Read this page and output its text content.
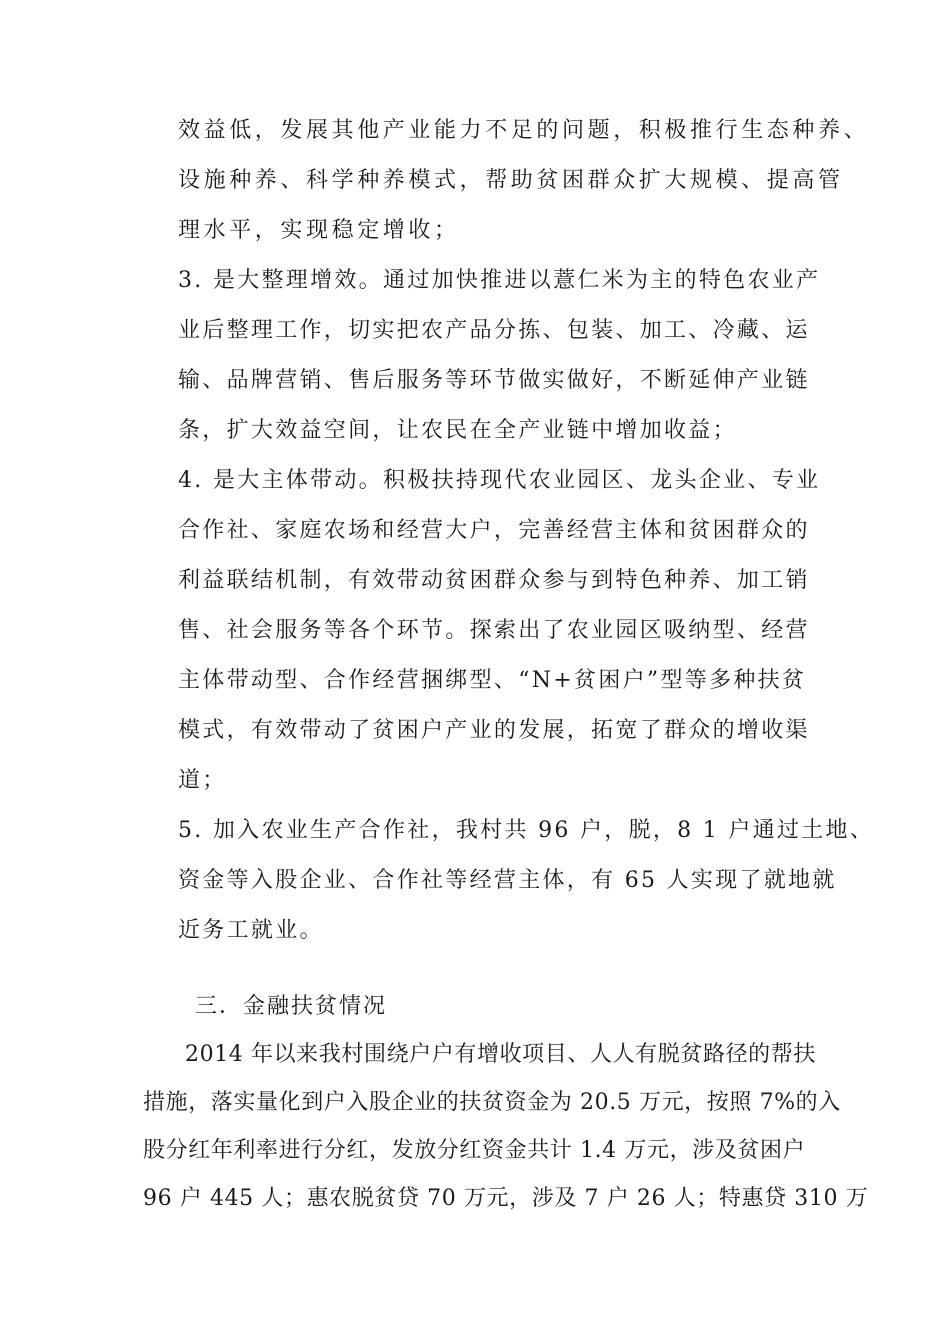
效益低，发展其他产业能力不足的问题，积极推行生态种养、
设施种养、科学种养模式，帮助贫困群众扩大规模、提高管
理水平，实现稳定增收；
3. 是大整理增效。通过加快推进以薏仁米为主的特色农业产
业后整理工作，切实把农产品分拣、包装、加工、冷藏、运
输、品牌营销、售后服务等环节做实做好，不断延伸产业链
条，扩大效益空间，让农民在全产业链中增加收益；
4. 是大主体带动。积极扶持现代农业园区、龙头企业、专业
合作社、家庭农场和经营大户，完善经营主体和贫困群众的
利益联结机制，有效带动贫困群众参与到特色种养、加工销
售、社会服务等各个环节。探索出了农业园区吸纳型、经营
主体带动型、合作经营捆绑型、“N+贫困户”型等多种扶贫
模式，有效带动了贫困户产业的发展，拓宽了群众的增收渠
道；
5. 加入农业生产合作社，我村共 96 户，脱，8 1 户通过土地、
资金等入股企业、合作社等经营主体，有 65 人实现了就地就
近务工就业。
三．金融扶贫情况
2014 年以来我村围绕户户有增收项目、人人有脱贫路径的帮扶
措施，落实量化到户入股企业的扶贫资金为 20.5 万元，按照 7%的入
股分红年利率进行分红，发放分红资金共计 1.4 万元，涉及贫困户
96 户 445 人；惠农脱贫贷 70 万元，涉及 7 户 26 人；特惠贷 310 万
